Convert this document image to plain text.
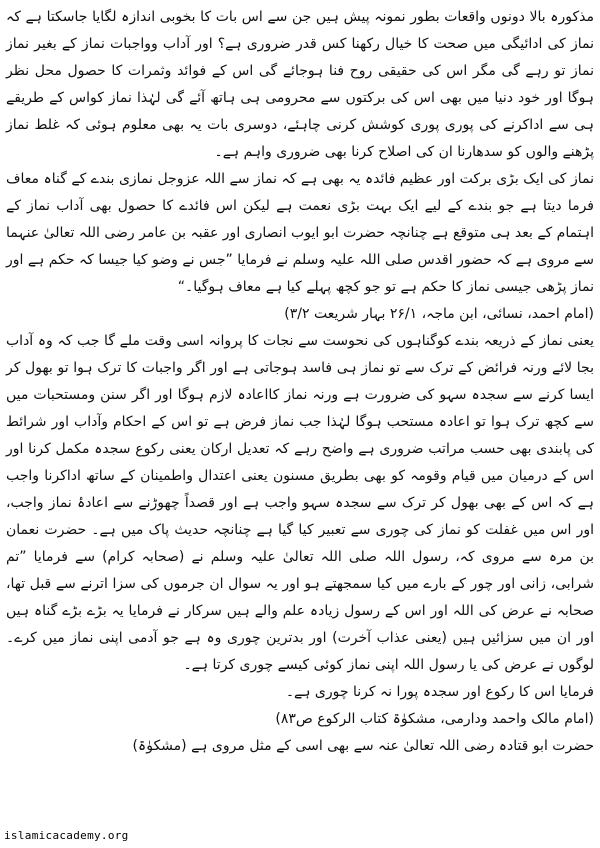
مذکورہ بالا دونوں واقعات بطور نمونہ پیش ہیں جن سے اس بات کا بخوبی اندازہ لگایا جاسکتا ہے کہ نماز کی ادائیگی میں صحت کا خیال رکھنا کس قدر ضروری ہے؟ اور آداب وواجبات نماز کے بغیر نماز نماز تو رہے گی مگر اس کی حقیقی روح فنا ہوجائے گی اس کے فوائد وثمرات کا حصول محل نظر ہوگا اور خود دنیا میں بھی اس کی برکتوں سے محرومی ہی ہاتھ آئے گی لہٰذا نماز کواس کے طریقے ہی سے اداکرنے کی پوری پوری کوشش کرنی چاہئے، دوسری بات یہ بھی معلوم ہوئی کہ غلط نماز پڑھنے والوں کو سدھارنا ان کی اصلاح کرنا بھی ضروری واہم ہے۔

نماز کی ایک بڑی برکت اور عظیم فائدہ یہ بھی ہے کہ نماز سے اللہ عزوجل نمازی بندے کے گناہ معاف فرما دیتا ہے جو بندے کے لیے ایک بہت بڑی نعمت ہے لیکن اس فائدے کا حصول بھی آداب نماز کے اہتمام کے بعد ہی متوقع ہے چنانچہ حضرت ابو ایوب انصاری اور عقبہ بن عامر رضی اللہ تعالیٰ عنہما سے مروی ہے کہ حضور اقدس صلی اللہ علیہ وسلم نے فرمایا ”جس نے وضو کیا جیسا کہ حکم ہے اور نماز پڑھی جیسی نماز کا حکم ہے تو جو کچھ پہلے کیا ہے معاف ہوگیا۔“

(امام احمد، نسائی، ابن ماجہ، ۲۶/۱ بہار شریعت ۳/۲)

یعنی نماز کے ذریعہ بندے کوگناہوں کی نحوست سے نجات کا پروانہ اسی وقت ملے گا جب کہ وہ آداب بجا لائے ورنہ فرائض کے ترک سے تو نماز ہی فاسد ہوجاتی ہے اور اگر واجبات کا ترک ہوا تو بھول کر ایسا کرنے سے سجدہ سہو کی ضرورت ہے ورنہ نماز کااعادہ لازم ہوگا اور اگر سنن ومستحبات میں سے کچھ ترک ہوا تو اعادہ مستحب ہوگا لہٰذا جب نماز فرض ہے تو اس کے احکام وآداب اور شرائط کی پابندی بھی حسب مراتب ضروری ہے واضح رہے کہ تعدیل ارکان یعنی رکوع سجدہ مکمل کرنا اور اس کے درمیان میں قیام وقومہ کو بھی بطریق مسنون یعنی اعتدال واطمینان کے ساتھ اداکرنا واجب ہے کہ اس کے بھی بھول کر ترک سے سجدہ سہو واجب ہے اور قصداً چھوڑنے سے اعادۂ نماز واجب، اور اس میں غفلت کو نماز کی چوری سے تعبیر کیا گیا ہے چنانچہ حدیث پاک میں ہے۔ حضرت نعمان بن مرہ سے مروی کہ، رسول اللہ صلی اللہ تعالیٰ علیہ وسلم نے (صحابہ کرام) سے فرمایا ”تم شرابی، زانی اور چور کے بارے میں کیا سمجھتے ہو اور یہ سوال ان جرموں کی سزا اترنے سے قبل تھا، صحابہ نے عرض کی اللہ اور اس کے رسول زیادہ علم والے ہیں سرکار نے فرمایا یہ بڑے بڑے گناہ ہیں اور ان میں سزائیں ہیں (یعنی عذاب آخرت) اور بدترین چوری وہ ہے جو آدمی اپنی نماز میں کرے۔ لوگوں نے عرض کی یا رسول اللہ اپنی نماز کوئی کیسے چوری کرتا ہے۔

فرمایا اس کا رکوع اور سجدہ پورا نہ کرنا چوری ہے۔

(امام مالک واحمد ودارمی، مشکوٰۃ کتاب الرکوع ص۸۳)

حضرت ابو قتادہ رضی اللہ تعالیٰ عنہ سے بھی اسی کے مثل مروی ہے (مشکوٰۃ)

islamicacademy.org
